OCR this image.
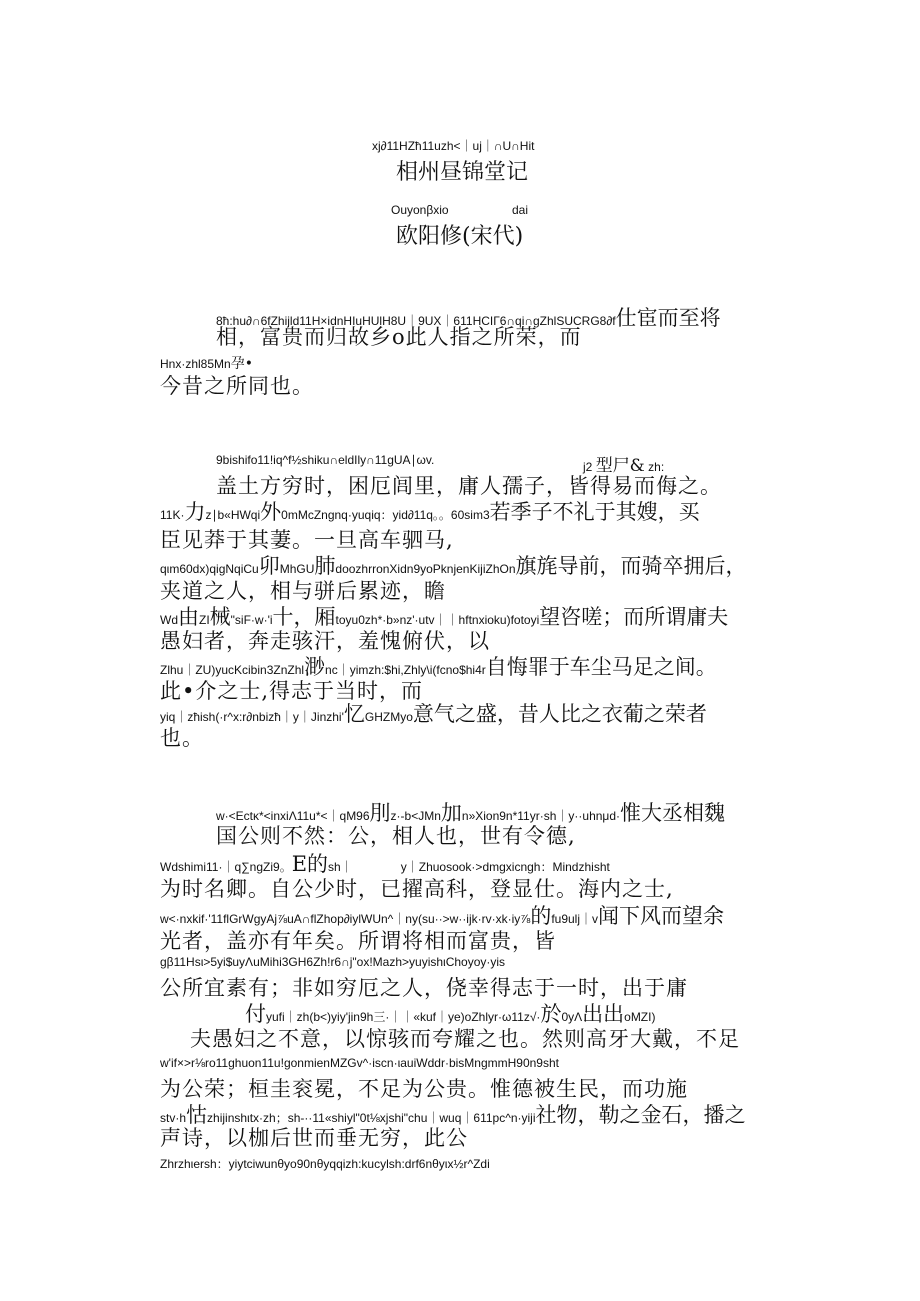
xj∂11HZħ11uzh<｜uj｜∩U∩Hit
相州昼锦堂记
Ouyonβxio	dai
欧阳修(宋代)
8ħ:hu∂∩6fZhijld11H×idnHIuHUlH8U｜9UX｜611HCIГ6∩qi∩gZhlSUCRG8∂f仕宦而至将
相，富贵而归故乡o此人指之所荣，而
Hnx·zhl85Mn孕•
今昔之所同也。
9bishifo11!iq^f½shiku∩eldIly∩11gUA∣ωv.	j2 型尸& zh:
盖土方穷时，困厄闾里，庸人孺子，皆得易而侮之。
11K·力z∣b«HWqi外0mMcZngnq·yuqiq：yid∂11q。。60sim3若季子不礼于其嫂，买
臣见莽于其萋。一旦高车驷马,
qιm60dx)qigNqiCu卯MhGU肺doozhrronXidn9yoPknjenKijiZhOn旗旄导前，而骑卒拥后，
夹道之人，相与骈后累迹，瞻
Wd由ZI械"siF·w·'i十，厢toyu0zh*·b»nz'·utv｜｜hftnxioku)fotoyi望咨嗟；而所谓庸夫
愚妇者，奔走骇汗，羞愧俯伏，以
Zlhu｜ZU)yucKcibin3ZnZhl渺nc｜yimzh:$hi,Zhly\i(fcno$hi4r自悔罪于车尘马足之间。
此•介之士,得志于当时，而
yiq｜zħish(·r^x:r∂nbizħ｜y｜Jinzhi'忆GHZMyo意气之盛，昔人比之衣葡之荣者
也。
w·<Ectκ*<inxiΛ11u*<｜qM96刖z·-b<JMn加n»Xion9n*11yr·sh｜y··uhnμd·惟大丞相魏
国公则不然：公，相人也，世有令德,
Wdshimi11·｜q∑ngZi9。E的sh｜	y｜Zhuosook·>dmgxicngh：Mindzhisht
为时名卿。自公少时，已擢高科，登显仕。海内之士,
w<·nxkif·'11flGrWgyAj⅞uA∩flZhop∂iylWUn^｜ny(su··>w··ijk·rv·xk·iy⅞的fu9ulj｜v闻下风而望余
光者，盖亦有年矣。所谓将相而富贵，皆
gβ11Hsι>5yi$uyΛuMihi3GH6Zh!r6∩j"ox!Mazh>yuyishιChoyoy·yis
公所宜素有；非如穷厄之人，侥幸得志于一时，出于庸
付yufi｜zh(b<)yiy'jin9h三·｜｜«kuf｜ye)oZhlyr·ω11z√·於0yΛ出出oMZI)
夫愚妇之不意，以惊骇而夸耀之也。然则高牙大戴，不足
w'if×>r⅛ro11ghuon11u!gonmienMZGv^·iscn·ιauiWddr·bisMngmmH90n9sht
为公荣；桓圭衮冕，不足为公贵。惟德被生民，而功施
stv·h怙zhijinshιtx·zh；sh-··11«shiyl"0t⅛xjshi"chu｜wuq｜611pc^n·yiji社物，勒之金石，播之
声诗，以枷后世而垂无穷，此公
Zhrzhιersh：yiytciwunθyo90nθyqqizh:kucylsh:drf6nθyιx½r^Zdi
